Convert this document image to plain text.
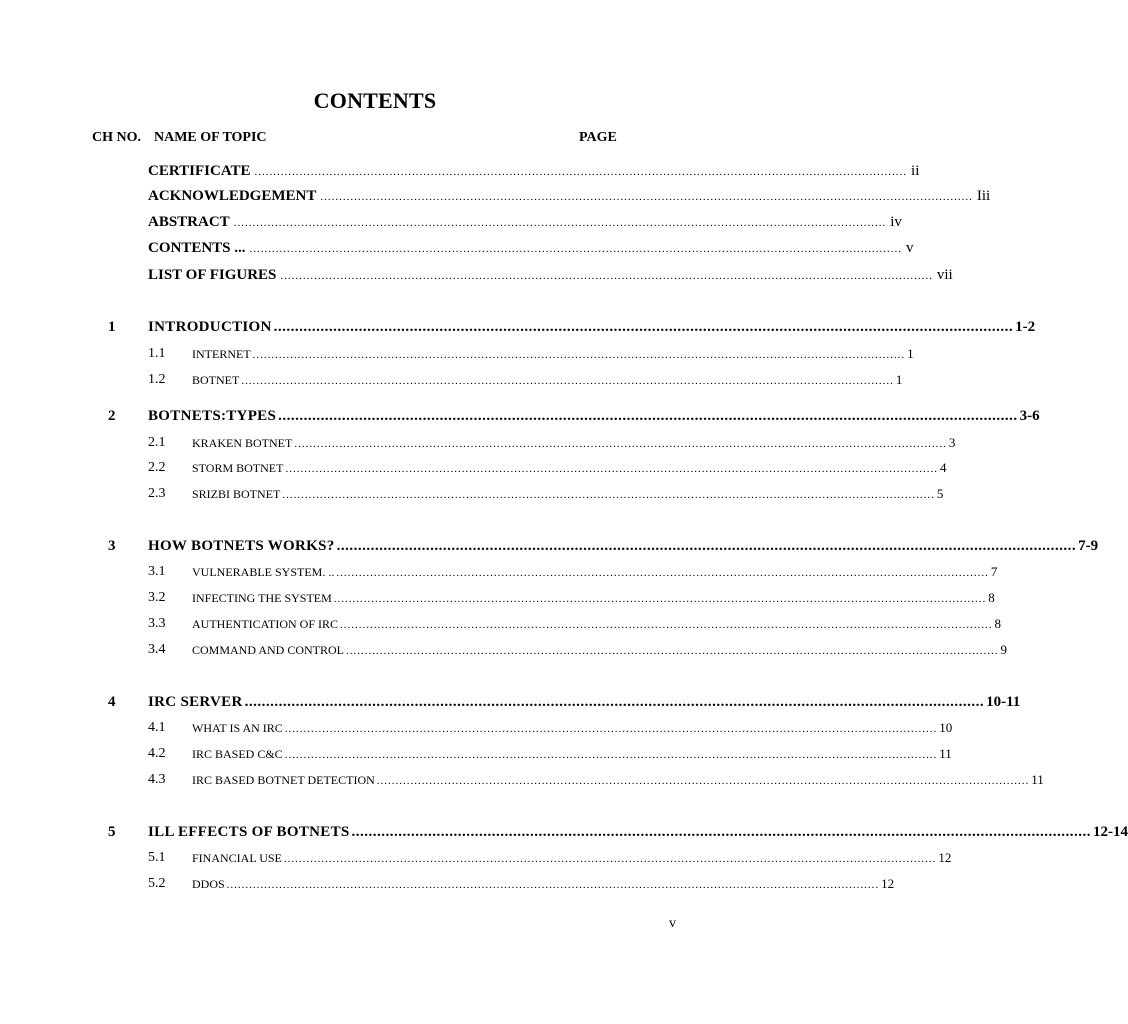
CONTENTS
CH NO. NAME OF TOPIC	PAGE
CERTIFICATE .............................................................................................................................................................................. ii
ACKNOWLEDGEMENT .............................................................................................................................................................................. Iii
ABSTRACT .............................................................................................................................................................................. iv
CONTENTS ... .............................................................................................................................................................................. v
LIST OF FIGURES .............................................................................................................................................................................. vii
1 INTRODUCTION .............................................................................................................................................................................. 1-2
1.1 INTERNET .............................................................................................................................................................................. 1
1.2 BOTNET .............................................................................................................................................................................. 1
2 BOTNETS:TYPES .............................................................................................................................................................................. 3-6
2.1 KRAKEN BOTNET .............................................................................................................................................................................. 3
2.2 STORM BOTNET .............................................................................................................................................................................. 4
2.3 SRIZBI BOTNET .............................................................................................................................................................................. 5
3 HOW BOTNETS WORKS? .............................................................................................................................................................................. 7-9
3.1 VULNERABLE SYSTEM. .. .............................................................................................................................................................................. 7
3.2 INFECTING THE SYSTEM .............................................................................................................................................................................. 8
3.3 AUTHENTICATION OF IRC .............................................................................................................................................................................. 8
3.4 COMMAND AND CONTROL .............................................................................................................................................................................. 9
4 IRC SERVER .............................................................................................................................................................................. 10-11
4.1 WHAT IS AN IRC .............................................................................................................................................................................. 10
4.2 IRC BASED C&C .............................................................................................................................................................................. 11
4.3 IRC BASED BOTNET DETECTION .............................................................................................................................................................................. 11
5 ILL EFFECTS OF BOTNETS .............................................................................................................................................................................. 12-14
5.1 FINANCIAL USE .............................................................................................................................................................................. 12
5.2 DDOS .............................................................................................................................................................................. 12
v
